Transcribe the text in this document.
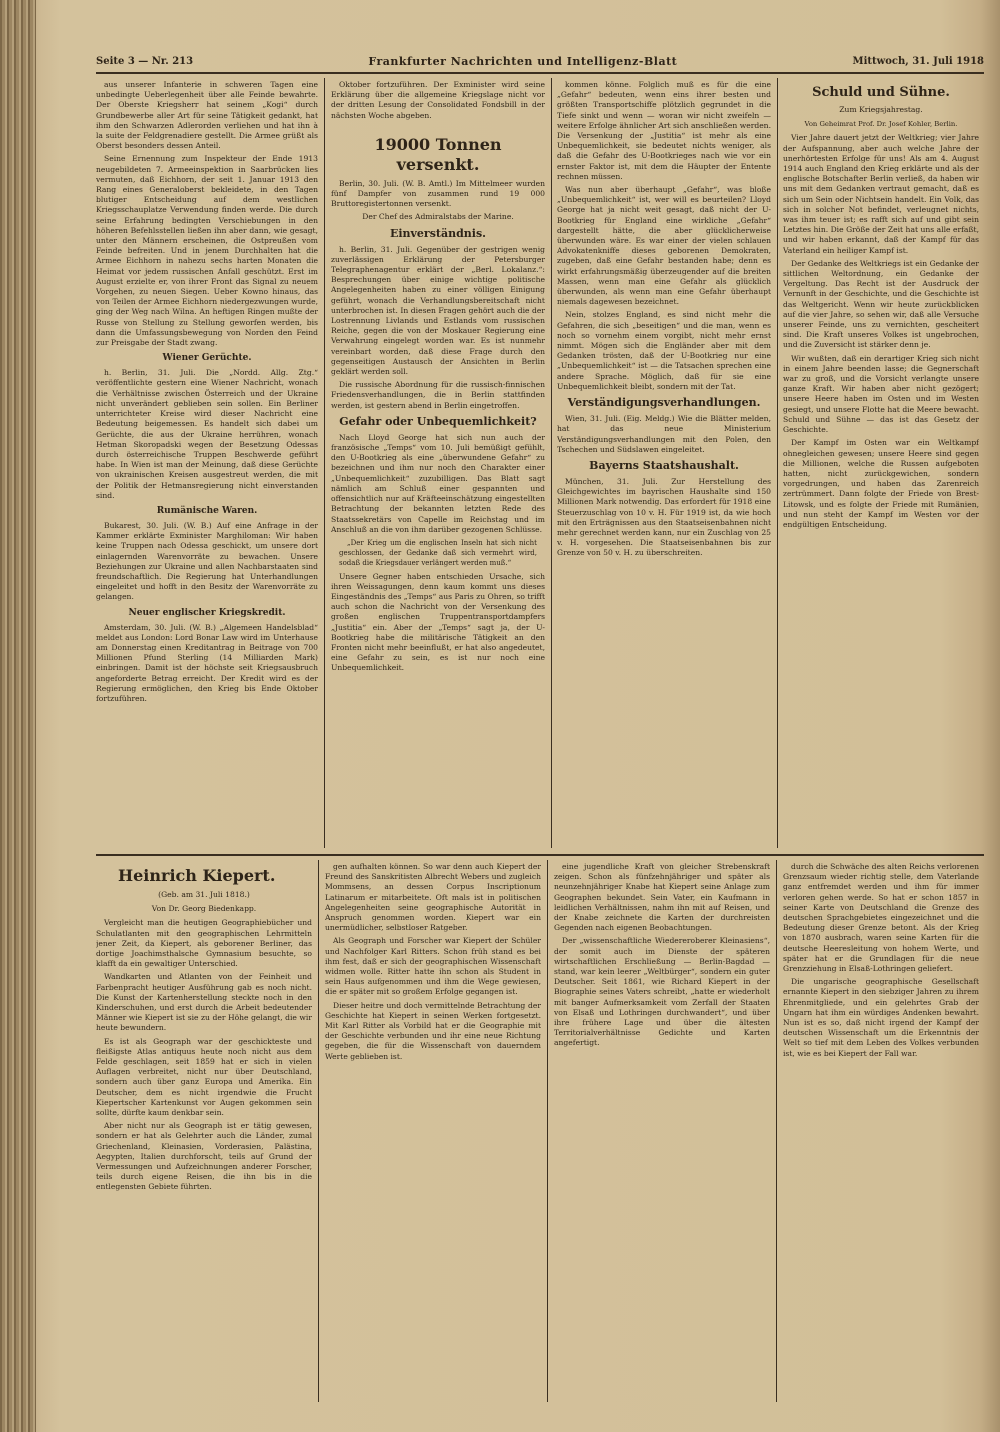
Seite 3 — Nr. 213	Frankfurter Nachrichten und Intelligenz-Blatt	Mittwoch, 31. Juli 1918

aus unserer Infanterie in schweren Tagen eine unbedingte Ueberlegenheit über alle Feinde bewahrte. Der Oberste Kriegsherr hat seinem „Kogi“ durch Grundbewerbe aller Art für seine Tätigkeit gedankt, hat ihm den Schwarzen Adlerorden verliehen und hat ihn à la suite der Feldgrenadiere gestellt. Die Armee grüßt als Oberst besonders dessen Anteil.

Seine Ernennung zum Inspekteur der Ende 1913 neugebildeten 7. Armeeinspektion in Saarbrücken lies vermuten, daß Eichhorn, der seit 1. Januar 1913 den Rang eines Generaloberst bekleidete, in den Tagen blutiger Entscheidung auf dem westlichen Kriegsschauplatze Verwendung finden werde. Die durch seine Erfahrung bedingten Verschiebungen in den höheren Befehlsstellen ließen ihn aber dann, wie gesagt, unter den Männern erscheinen, die Ostpreußen vom Feinde befreiten. Und in jenem Durchhalten hat die Armee Eichhorn in nahezu sechs harten Monaten die Heimat vor jedem russischen Anfall geschützt. Erst im August erzielte er, von ihrer Front das Signal zu neuem Vorgehen, zu neuen Siegen. Ueber Kowno hinaus, das von Teilen der Armee Eichhorn niedergezwungen wurde, ging der Weg nach Wilna. An heftigen Ringen mußte der Russe von Stellung zu Stellung geworfen werden, bis dann die Umfassungsbewegung von Norden den Feind zur Preisgabe der Stadt zwang.

Wiener Gerüchte.

h. Berlin, 31. Juli. Die „Nordd. Allg. Ztg.“ veröffentlichte gestern eine Wiener Nachricht, wonach die Verhältnisse zwischen Österreich und der Ukraine nicht unverändert geblieben sein sollen. Ein Berliner unterrichteter Kreise wird dieser Nachricht eine Bedeutung beigemessen. Es handelt sich dabei um Gerüchte, die aus der Ukraine herrühren, wonach Hetman Skoropadski wegen der Besetzung Odessas durch österreichische Truppen Beschwerde geführt habe. In Wien ist man der Meinung, daß diese Gerüchte von ukrainischen Kreisen ausgestreut werden, die mit der Politik der Hetmansregierung nicht einverstanden sind.

Rumänische Waren.

Bukarest, 30. Juli. (W. B.) Auf eine Anfrage in der Kammer erklärte Exminister Marghiloman: Wir haben keine Truppen nach Odessa geschickt, um unsere dort einlagernden Warenvorräte zu bewachen. Unsere Beziehungen zur Ukraine und allen Nachbarstaaten sind freundschaftlich. Die Regierung hat Unterhandlungen eingeleitet und hofft in den Besitz der Warenvorräte zu gelangen.

Neuer englischer Kriegskredit.

Amsterdam, 30. Juli. (W. B.) „Algemeen Handelsblad“ meldet aus London: Lord Bonar Law wird im Unterhause am Donnerstag einen Kreditantrag in Beitrage von 700 Millionen Pfund Sterling (14 Milliarden Mark) einbringen. Damit ist der höchste seit Kriegsausbruch angeforderte Betrag erreicht. Der Kredit wird es der Regierung ermöglichen, den Krieg bis Ende Oktober fortzuführen.

Oktober fortzuführen. Der Exminister wird seine Erklärung über die allgemeine Kriegslage nicht vor der dritten Lesung der Consolidated Fondsbill in der nächsten Woche abgeben.

19000 Tonnen versenkt.

Berlin, 30. Juli. (W. B. Amtl.) Im Mittelmeer wurden fünf Dampfer von zusammen rund 19 000 Bruttoregistertonnen versenkt.

Der Chef des Admiralstabs der Marine.
Einverständnis.

h. Berlin, 31. Juli. Gegenüber der gestrigen wenig zuverlässigen Erklärung der Petersburger Telegraphenagentur erklärt der „Berl. Lokalanz.“: Besprechungen über einige wichtige politische Angelegenheiten haben zu einer völligen Einigung geführt, wonach die Verhandlungsbereitschaft nicht unterbrochen ist. In diesen Fragen gehört auch die der Lostrennung Livlands und Estlands vom russischen Reiche, gegen die von der Moskauer Regierung eine Verwahrung eingelegt worden war. Es ist nunmehr vereinbart worden, daß diese Frage durch den gegenseitigen Austausch der Ansichten in Berlin geklärt werden soll.

Die russische Abordnung für die russisch-finnischen Friedensverhandlungen, die in Berlin stattfinden werden, ist gestern abend in Berlin eingetroffen.

Gefahr oder Unbequemlichkeit?

Nach Lloyd George hat sich nun auch der französische „Temps“ vom 10. Juli bemüßigt gefühlt, den U-Bootkrieg als eine „überwundene Gefahr“ zu bezeichnen und ihm nur noch den Charakter einer „Unbequemlichkeit“ zuzubilligen. Das Blatt sagt nämlich am Schluß einer gespannten und offensichtlich nur auf Kräfteeinschätzung eingestellten Betrachtung der bekannten letzten Rede des Staatssekretärs von Capelle im Reichstag und im Anschluß an die von ihm darüber gezogenen Schlüsse.

„Der Krieg um die englischen Inseln hat sich nicht geschlossen, der Gedanke daß sich vermehrt wird, sodaß die Kriegsdauer verlängert werden muß.“

Unsere Gegner haben entschieden Ursache, sich ihren Weissagungen, denn kaum kommt uns dieses Eingeständnis des „Temps“ aus Paris zu Ohren, so trifft auch schon die Nachricht von der Versenkung des großen englischen Truppentransportdampfers „Justitia“ ein. Aber der „Temps“ sagt ja, der U-Bootkrieg habe die militärische Tätigkeit an den Fronten nicht mehr beeinflußt, er hat also angedeutet, eine Gefahr zu sein, es ist nur noch eine Unbequemlichkeit.

kommen könne. Folglich muß es für die eine „Gefahr“ bedeuten, wenn eins ihrer besten und größten Transportschiffe plötzlich gegrundet in die Tiefe sinkt und wenn — woran wir nicht zweifeln — weitere Erfolge ähnlicher Art sich anschließen werden. Die Versenkung der „Justitia“ ist mehr als eine Unbequemlichkeit, sie bedeutet nichts weniger, als daß die Gefahr des U-Bootkrieges nach wie vor ein ernster Faktor ist, mit dem die Häupter der Entente rechnen müssen.

Was nun aber überhaupt „Gefahr“, was bloße „Unbequemlichkeit“ ist, wer will es beurteilen? Lloyd George hat ja nicht weit gesagt, daß nicht der U-Bootkrieg für England eine wirkliche „Gefahr“ dargestellt hätte, die aber glücklicherweise überwunden wäre. Es war einer der vielen schlauen Advokatenkniffe dieses geborenen Demokraten, zugeben, daß eine Gefahr bestanden habe; denn es wirkt erfahrungsmäßig überzeugender auf die breiten Massen, wenn man eine Gefahr als glücklich überwunden, als wenn man eine Gefahr überhaupt niemals dagewesen bezeichnet.

Nein, stolzes England, es sind nicht mehr die Gefahren, die sich „beseitigen“ und die man, wenn es noch so vornehm einem vorgibt, nicht mehr ernst nimmt. Mögen sich die Engländer aber mit dem Gedanken trösten, daß der U-Bootkrieg nur eine „Unbequemlichkeit“ ist — die Tatsachen sprechen eine andere Sprache. Möglich, daß für sie eine Unbequemlichkeit bleibt, sondern mit der Tat.

Verständigungsverhandlungen.

Wien, 31. Juli. (Eig. Meldg.) Wie die Blätter melden, hat das neue Ministerium Verständigungsverhandlungen mit den Polen, den Tschechen und Südslawen eingeleitet.

Bayerns Staatshaushalt.

München, 31. Juli. Zur Herstellung des Gleichgewichtes im bayrischen Haushalte sind 150 Millionen Mark notwendig. Das erfordert für 1918 eine Steuerzuschlag von 10 v. H. Für 1919 ist, da wie hoch mit den Erträgnissen aus den Staatseisenbahnen nicht mehr gerechnet werden kann, nur ein Zuschlag von 25 v. H. vorgesehen. Die Staatseisenbahnen bis zur Grenze von 50 v. H. zu überschreiten.

Schuld und Sühne.
Zum Kriegsjahrestag.
Von Geheimrat Prof. Dr. Josef Kohler, Berlin.

Vier Jahre dauert jetzt der Weltkrieg; vier Jahre der Aufspannung, aber auch welche Jahre der unerhörtesten Erfolge für uns! Als am 4. August 1914 auch England den Krieg erklärte und als der englische Botschafter Berlin verließ, da haben wir uns mit dem Gedanken vertraut gemacht, daß es sich um Sein oder Nichtsein handelt. Ein Volk, das sich in solcher Not befindet, verleugnet nichts, was ihm teuer ist; es rafft sich auf und gibt sein Letztes hin. Die Größe der Zeit hat uns alle erfaßt, und wir haben erkannt, daß der Kampf für das Vaterland ein heiliger Kampf ist.

Der Gedanke des Weltkriegs ist ein Gedanke der sittlichen Weltordnung, ein Gedanke der Vergeltung. Das Recht ist der Ausdruck der Vernunft in der Geschichte, und die Geschichte ist das Weltgericht. Wenn wir heute zurückblicken auf die vier Jahre, so sehen wir, daß alle Versuche unserer Feinde, uns zu vernichten, gescheitert sind. Die Kraft unseres Volkes ist ungebrochen, und die Zuversicht ist stärker denn je.

Wir wußten, daß ein derartiger Krieg sich nicht in einem Jahre beenden lasse; die Gegnerschaft war zu groß, und die Vorsicht verlangte unsere ganze Kraft. Wir haben aber nicht gezögert; unsere Heere haben im Osten und im Westen gesiegt, und unsere Flotte hat die Meere bewacht. Schuld und Sühne — das ist das Gesetz der Geschichte.

Der Kampf im Osten war ein Weltkampf ohnegleichen gewesen; unsere Heere sind gegen die Millionen, welche die Russen aufgeboten hatten, nicht zurückgewichen, sondern vorgedrungen, und haben das Zarenreich zertrümmert. Dann folgte der Friede von Brest-Litowsk, und es folgte der Friede mit Rumänien, und nun steht der Kampf im Westen vor der endgültigen Entscheidung.

Heinrich Kiepert.
(Geb. am 31. Juli 1818.)
Von Dr. Georg Biedenkapp.

Vergleicht man die heutigen Geographiebücher und Schulatlanten mit den geographischen Lehrmitteln jener Zeit, da Kiepert, als geborener Berliner, das dortige Joachimsthalsche Gymnasium besuchte, so klafft da ein gewaltiger Unterschied.

Wandkarten und Atlanten von der Feinheit und Farbenpracht heutiger Ausführung gab es noch nicht. Die Kunst der Kartenherstellung steckte noch in den Kinderschuhen, und erst durch die Arbeit bedeutender Männer wie Kiepert ist sie zu der Höhe gelangt, die wir heute bewundern.

Es ist als Geograph war der geschickteste und fleißigste Atlas antiquus heute noch nicht aus dem Felde geschlagen, seit 1859 hat er sich in vielen Auflagen verbreitet, nicht nur über Deutschland, sondern auch über ganz Europa und Amerika. Ein Deutscher, dem es nicht irgendwie die Frucht Kiepertscher Kartenkunst vor Augen gekommen sein sollte, dürfte kaum denkbar sein.

Aber nicht nur als Geograph ist er tätig gewesen, sondern er hat als Gelehrter auch die Länder, zumal Griechenland, Kleinasien, Vorderasien, Palästina, Aegypten, Italien durchforscht, teils auf Grund der Vermessungen und Aufzeichnungen anderer Forscher, teils durch eigene Reisen, die ihn bis in die entlegensten Gebiete führten.

gen aufhalten können. So war denn auch Kiepert der Freund des Sanskritisten Albrecht Webers und zugleich Mommsens, an dessen Corpus Inscriptionum Latinarum er mitarbeitete. Oft mals ist in politischen Angelegenheiten seine geographische Autorität in Anspruch genommen worden. Kiepert war ein unermüdlicher, selbstloser Ratgeber.

Als Geograph und Forscher war Kiepert der Schüler und Nachfolger Karl Ritters. Schon früh stand es bei ihm fest, daß er sich der geographischen Wissenschaft widmen wolle. Ritter hatte ihn schon als Student in sein Haus aufgenommen und ihm die Wege gewiesen, die er später mit so großem Erfolge gegangen ist.

Dieser heitre und doch vermittelnde Betrachtung der Geschichte hat Kiepert in seinen Werken fortgesetzt. Mit Karl Ritter als Vorbild hat er die Geographie mit der Geschichte verbunden und ihr eine neue Richtung gegeben, die für die Wissenschaft von dauerndem Werte geblieben ist.

eine jugendliche Kraft von gleicher Strebenskraft zeigen. Schon als fünfzehnjähriger und später als neunzehnjähriger Knabe hat Kiepert seine Anlage zum Geographen bekundet. Sein Vater, ein Kaufmann in leidlichen Verhältnissen, nahm ihn mit auf Reisen, und der Knabe zeichnete die Karten der durchreisten Gegenden nach eigenen Beobachtungen.

Der „wissenschaftliche Wiedereroberer Kleinasiens“, der somit auch im Dienste der späteren wirtschaftlichen Erschließung — Berlin-Bagdad — stand, war kein leerer „Weltbürger“, sondern ein guter Deutscher. Seit 1861, wie Richard Kiepert in der Biographie seines Vaters schreibt, „hatte er wiederholt mit banger Aufmerksamkeit vom Zerfall der Staaten von Elsaß und Lothringen durchwandert“, und über ihre frühere Lage und über die ältesten Territorialverhältnisse Gedichte und Karten angefertigt.

durch die Schwäche des alten Reichs verlorenen Grenzsaum wieder richtig stelle, dem Vaterlande ganz entfremdet werden und ihm für immer verloren gehen werde. So hat er schon 1857 in seiner Karte von Deutschland die Grenze des deutschen Sprachgebietes eingezeichnet und die Bedeutung dieser Grenze betont. Als der Krieg von 1870 ausbrach, waren seine Karten für die deutsche Heeresleitung von hohem Werte, und später hat er die Grundlagen für die neue Grenzziehung in Elsaß-Lothringen geliefert.

Die ungarische geographische Gesellschaft ernannte Kiepert in den siebziger Jahren zu ihrem Ehrenmitgliede, und ein gelehrtes Grab der Ungarn hat ihm ein würdiges Andenken bewahrt. Nun ist es so, daß nicht irgend der Kampf der deutschen Wissenschaft um die Erkenntnis der Welt so tief mit dem Leben des Volkes verbunden ist, wie es bei Kiepert der Fall war.
